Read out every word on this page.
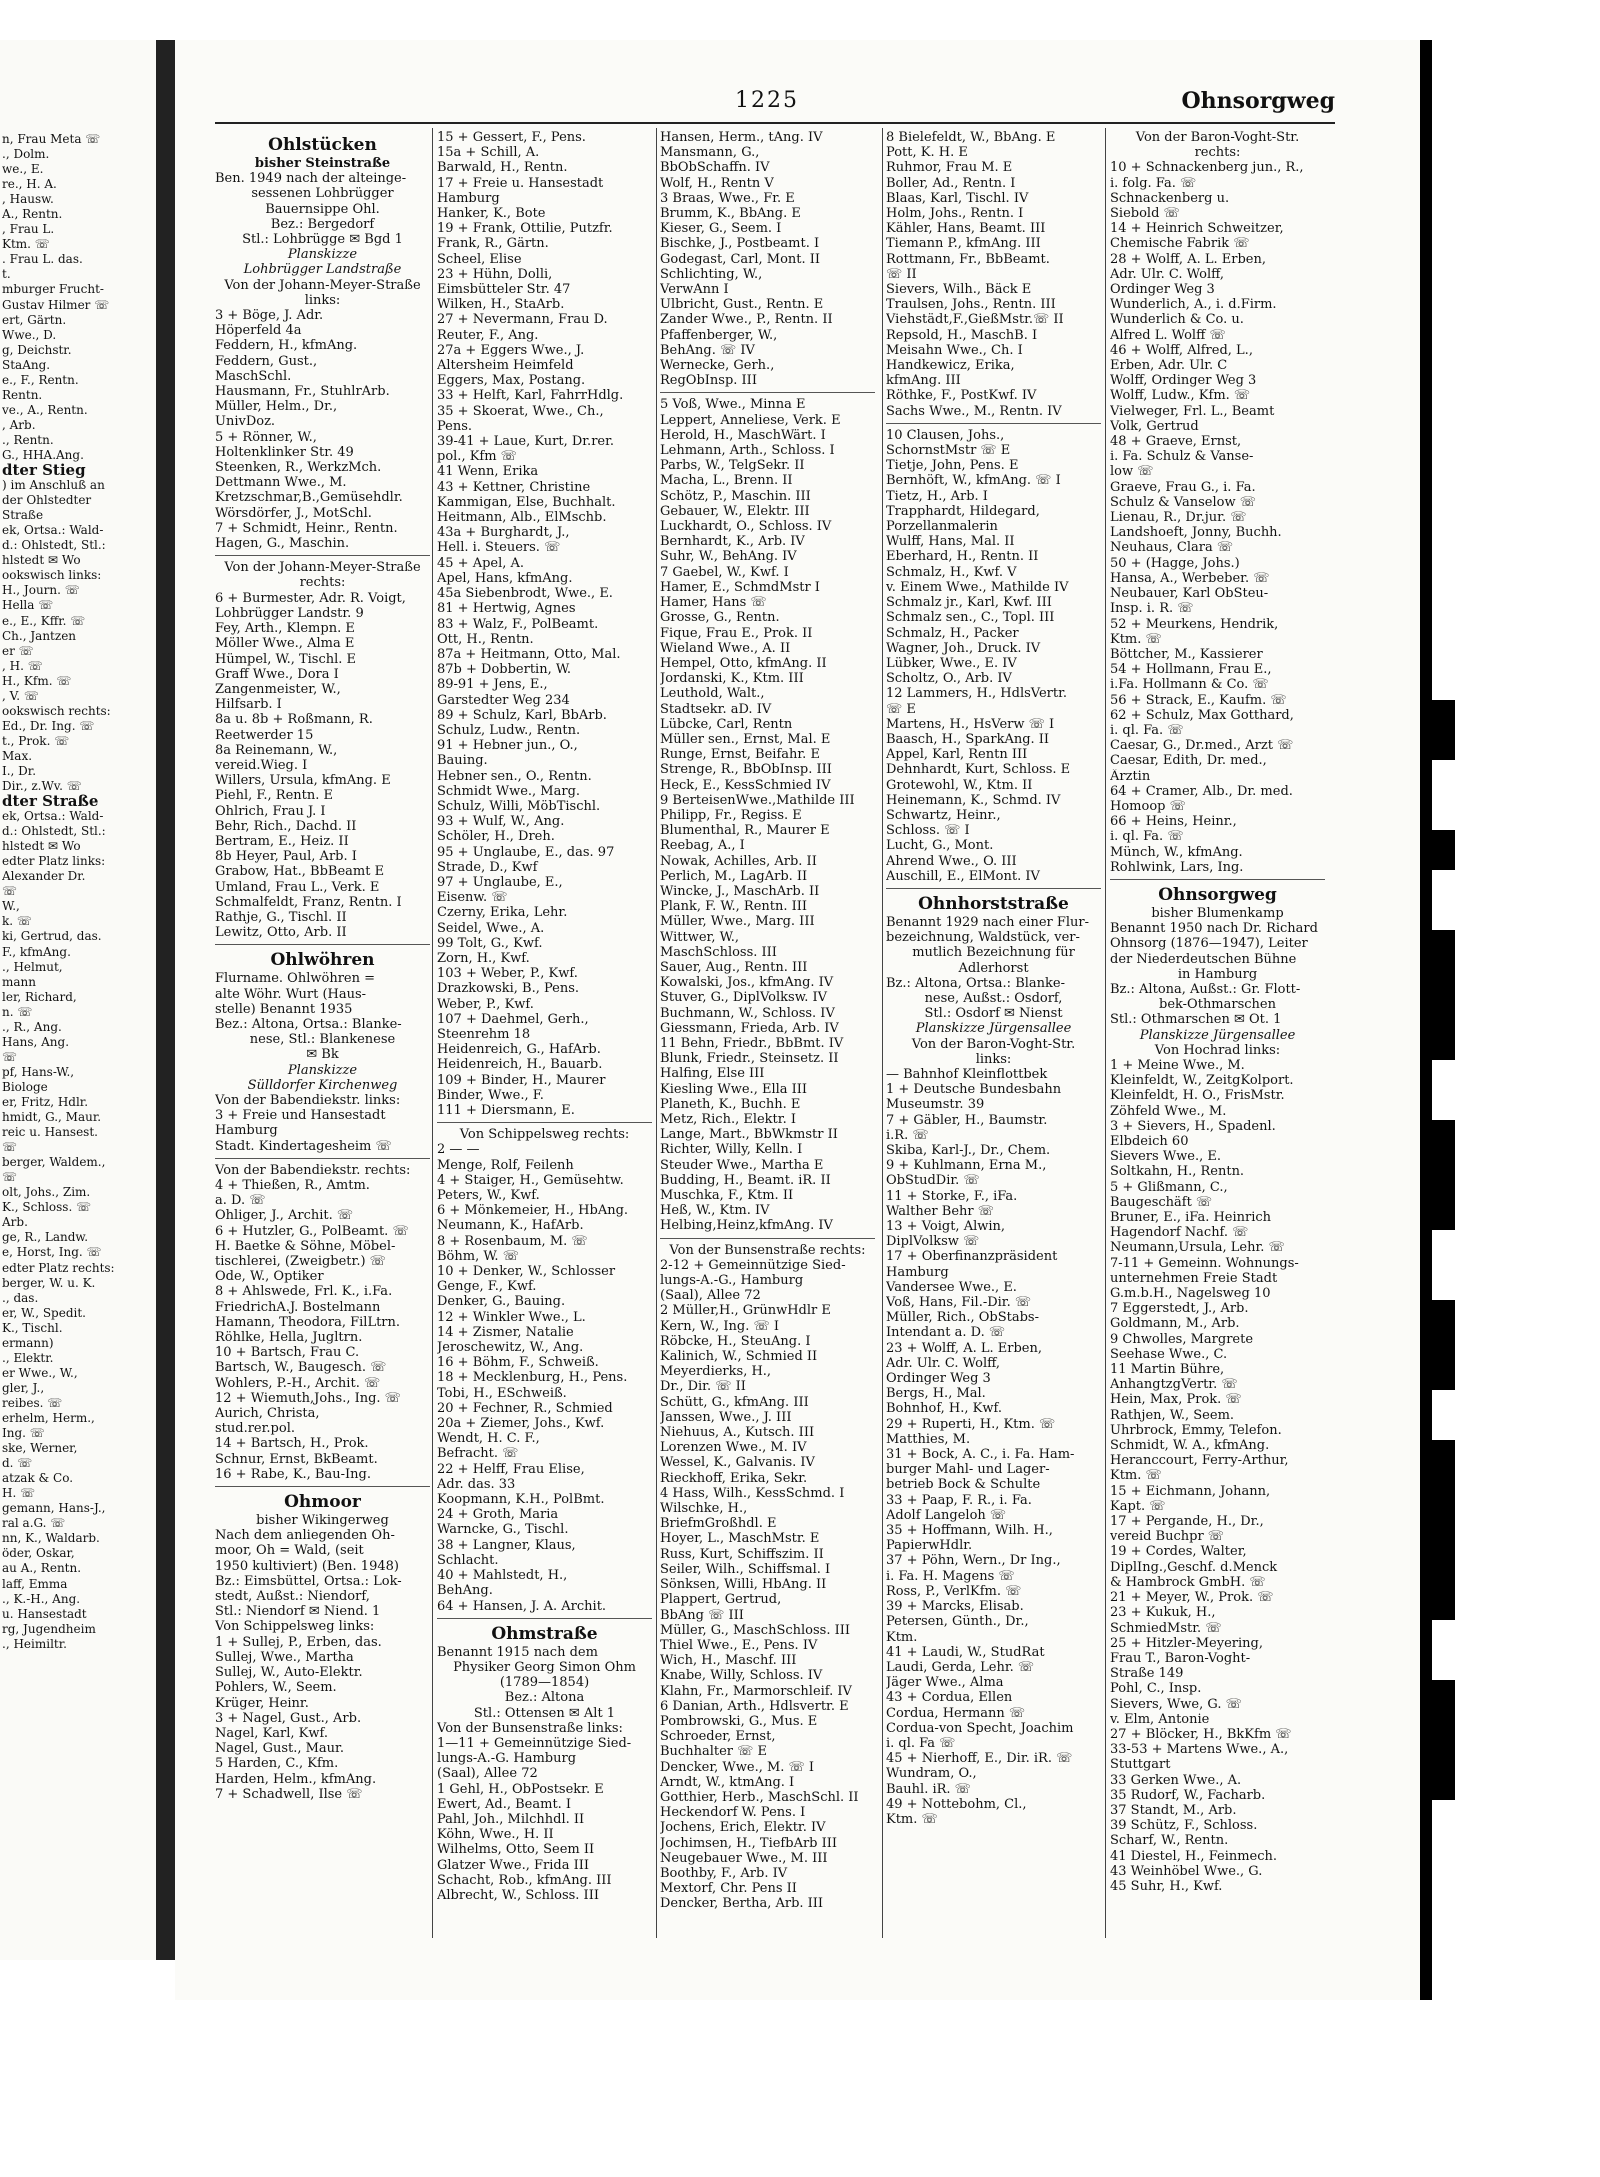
n, Frau Meta ☏
., Dolm.
we., E.
re., H. A.
, Hausw.
A., Rentn.
, Frau L.
Ktm. ☏
. Frau L. das.
t.
mburger Frucht-
Gustav Hilmer ☏
ert, Gärtn.
Wwe., D.
g, Deichstr.
StaAng.
e., F., Rentn.
Rentn.
ve., A., Rentn.
, Arb.
., Rentn.
G., HHA.Ang.
dter Stieg
) im Anschluß an
der Ohlstedter
Straße
ek, Ortsa.: Wald-
d.: Ohlstedt, Stl.:
hlstedt ✉ Wo
ookswisch links:
H., Journ. ☏
Hella ☏
e., E., Kffr. ☏
Ch., Jantzen
er ☏
, H. ☏
H., Kfm. ☏
, V. ☏
ookswisch rechts:
Ed., Dr. Ing. ☏
t., Prok. ☏
Max.
I., Dr.
Dir., z.Wv. ☏
dter Straße
ek, Ortsa.: Wald-
d.: Ohlstedt, Stl.:
hlstedt ✉ Wo
edter Platz links:
Alexander Dr.
☏
W.,
k. ☏
ki, Gertrud, das.
F., kfmAng.
., Helmut,
mann
ler, Richard,
n. ☏
., R., Ang.
Hans, Ang.
☏
pf, Hans-W.,
Biologe
er, Fritz, Hdlr.
hmidt, G., Maur.
reic u. Hansest.
☏
berger, Waldem.,
☏
olt, Johs., Zim.
K., Schloss. ☏
Arb.
ge, R., Landw.
e, Horst, Ing. ☏
edter Platz rechts:
berger, W. u. K.
., das.
er, W., Spedit.
K., Tischl.
ermann)
., Elektr.
er Wwe., W.,
gler, J.,
reibes. ☏
erhelm, Herm.,
Ing. ☏
ske, Werner,
d. ☏
atzak & Co.
H. ☏
gemann, Hans-J.,
ral a.G. ☏
nn, K., Waldarb.
öder, Oskar,
au A., Rentn.
laff, Emma
., K.-H., Ang.
u. Hansestadt
rg, Jugendheim
., Heimiltr.
1225	Ohnsorgweg
Ohlstücken
bisher Steinstraße
Ben. 1949 nach der alteinge-
sessenen Lohbrügger
Bauernsippe Ohl.
Bez.: Bergedorf
Stl.: Lohbrügge ✉ Bgd 1
Planskizze
Lohbrügger Landstraße
Von der Johann-Meyer-Straße
links:
3 + Böge, J. Adr.
Höperfeld 4a
Feddern, H., kfmAng.
Feddern, Gust.,
MaschSchl.
Hausmann, Fr., StuhlrArb.
Müller, Helm., Dr.,
UnivDoz.
5 + Rönner, W.,
Holtenklinker Str. 49
Steenken, R., WerkzMch.
Dettmann Wwe., M.
Kretzschmar,B.,Gemüsehdlr.
Wörsdörfer, J., MotSchl.
7 + Schmidt, Heinr., Rentn.
Hagen, G., Maschin.
Von der Johann-Meyer-Straße
rechts:
6 + Burmester, Adr. R. Voigt,
Lohbrügger Landstr. 9
Fey, Arth., Klempn. E
Möller Wwe., Alma E
Hümpel, W., Tischl. E
Graff Wwe., Dora I
Zangenmeister, W.,
Hilfsarb. I
8a u. 8b + Roßmann, R.
Reetwerder 15
8a Reinemann, W.,
vereid.Wieg. I
Willers, Ursula, kfmAng. E
Piehl, F., Rentn. E
Ohlrich, Frau J. I
Behr, Rich., Dachd. II
Bertram, E., Heiz. II
8b Heyer, Paul, Arb. I
Grabow, Hat., BbBeamt E
Umland, Frau L., Verk. E
Schmalfeldt, Franz, Rentn. I
Rathje, G., Tischl. II
Lewitz, Otto, Arb. II
Ohlwöhren
Flurname. Ohlwöhren =
alte Wöhr. Wurt (Haus-
stelle) Benannt 1935
Bez.: Altona, Ortsa.: Blanke-
nese, Stl.: Blankenese
✉ Bk
Planskizze
Sülldorfer Kirchenweg
Von der Babendiekstr. links:
3 + Freie und Hansestadt
Hamburg
Stadt. Kindertagesheim ☏
Von der Babendiekstr. rechts:
4 + Thießen, R., Amtm.
a. D. ☏
Ohliger, J., Archit. ☏
6 + Hutzler, G., PolBeamt. ☏
H. Baetke & Söhne, Möbel-
tischlerei, (Zweigbetr.) ☏
Ode, W., Optiker
8 + Ahlswede, Frl. K., i.Fa.
FriedrichA.J. Bostelmann
Hamann, Theodora, FilLtrn.
Röhlke, Hella, Jugltrn.
10 + Bartsch, Frau C.
Bartsch, W., Baugesch. ☏
Wohlers, P.-H., Archit. ☏
12 + Wiemuth,Johs., Ing. ☏
Aurich, Christa,
stud.rer.pol.
14 + Bartsch, H., Prok.
Schnur, Ernst, BkBeamt.
16 + Rabe, K., Bau-Ing.
Ohmoor
bisher Wikingerweg
Nach dem anliegenden Oh-
moor, Oh = Wald, (seit
1950 kultiviert) (Ben. 1948)
Bz.: Eimsbüttel, Ortsa.: Lok-
stedt, Außst.: Niendorf,
Stl.: Niendorf ✉ Niend. 1
Von Schippelsweg links:
1 + Sullej, P., Erben, das.
Sullej, Wwe., Martha
Sullej, W., Auto-Elektr.
Pohlers, W., Seem.
Krüger, Heinr.
3 + Nagel, Gust., Arb.
Nagel, Karl, Kwf.
Nagel, Gust., Maur.
5 Harden, C., Kfm.
Harden, Helm., kfmAng.
7 + Schadwell, Ilse ☏
15 + Gessert, F., Pens.
15a + Schill, A.
Barwald, H., Rentn.
17 + Freie u. Hansestadt
Hamburg
Hanker, K., Bote
19 + Frank, Ottilie, Putzfr.
Frank, R., Gärtn.
Scheel, Elise
23 + Hühn, Dolli,
Eimsbütteler Str. 47
Wilken, H., StaArb.
27 + Nevermann, Frau D.
Reuter, F., Ang.
27a + Eggers Wwe., J.
Altersheim Heimfeld
Eggers, Max, Postang.
33 + Helft, Karl, FahrrHdlg.
35 + Skoerat, Wwe., Ch.,
Pens.
39-41 + Laue, Kurt, Dr.rer.
pol., Kfm ☏
41 Wenn, Erika
43 + Kettner, Christine
Kammigan, Else, Buchhalt.
Heitmann, Alb., ElMschb.
43a + Burghardt, J.,
Hell. i. Steuers. ☏
45 + Apel, A.
Apel, Hans, kfmAng.
45a Siebenbrodt, Wwe., E.
81 + Hertwig, Agnes
83 + Walz, F., PolBeamt.
Ott, H., Rentn.
87a + Heitmann, Otto, Mal.
87b + Dobbertin, W.
89-91 + Jens, E.,
Garstedter Weg 234
89 + Schulz, Karl, BbArb.
Schulz, Ludw., Rentn.
91 + Hebner jun., O.,
Bauing.
Hebner sen., O., Rentn.
Schmidt Wwe., Marg.
Schulz, Willi, MöbTischl.
93 + Wulf, W., Ang.
Schöler, H., Dreh.
95 + Unglaube, E., das. 97
Strade, D., Kwf
97 + Unglaube, E.,
Eisenw. ☏
Czerny, Erika, Lehr.
Seidel, Wwe., A.
99 Tolt, G., Kwf.
Zorn, H., Kwf.
103 + Weber, P., Kwf.
Drazkowski, B., Pens.
Weber, P., Kwf.
107 + Daehmel, Gerh.,
Steenrehm 18
Heidenreich, G., HafArb.
Heidenreich, H., Bauarb.
109 + Binder, H., Maurer
Binder, Wwe., F.
111 + Diersmann, E.
Von Schippelsweg rechts:
2 — —
Menge, Rolf, Feilenh
4 + Staiger, H., Gemüsehtw.
Peters, W., Kwf.
6 + Mönkemeier, H., HbAng.
Neumann, K., HafArb.
8 + Rosenbaum, M. ☏
Böhm, W. ☏
10 + Denker, W., Schlosser
Genge, F., Kwf.
Denker, G., Bauing.
12 + Winkler Wwe., L.
14 + Zismer, Natalie
Jeroschewitz, W., Ang.
16 + Böhm, F., Schweiß.
18 + Mecklenburg, H., Pens.
Tobi, H., ESchweiß.
20 + Fechner, R., Schmied
20a + Ziemer, Johs., Kwf.
Wendt, H. C. F.,
Befracht. ☏
22 + Helff, Frau Elise,
Adr. das. 33
Koopmann, K.H., PolBmt.
24 + Groth, Maria
Warncke, G., Tischl.
38 + Langner, Klaus,
Schlacht.
40 + Mahlstedt, H.,
BehAng.
64 + Hansen, J. A. Archit.
Ohmstraße
Benannt 1915 nach dem
Physiker Georg Simon Ohm
(1789—1854)
Bez.: Altona
Stl.: Ottensen ✉ Alt 1
Von der Bunsenstraße links:
1—11 + Gemeinnützige Sied-
lungs-A.-G. Hamburg
(Saal), Allee 72
1 Gehl, H., ObPostsekr. E
Ewert, Ad., Beamt. I
Pahl, Joh., Milchhdl. II
Köhn, Wwe., H. II
Wilhelms, Otto, Seem II
Glatzer Wwe., Frida III
Schacht, Rob., kfmAng. III
Albrecht, W., Schloss. III
Hansen, Herm., tAng. IV
Mansmann, G.,
BbObSchaffn. IV
Wolf, H., Rentn V
3 Braas, Wwe., Fr. E
Brumm, K., BbAng. E
Kieser, G., Seem. I
Bischke, J., Postbeamt. I
Godegast, Carl, Mont. II
Schlichting, W.,
VerwAnn I
Ulbricht, Gust., Rentn. E
Zander Wwe., P., Rentn. II
Pfaffenberger, W.,
BehAng. ☏ IV
Wernecke, Gerh.,
RegObInsp. III
5 Voß, Wwe., Minna E
Leppert, Anneliese, Verk. E
Herold, H., MaschWärt. I
Lehmann, Arth., Schloss. I
Parbs, W., TelgSekr. II
Macha, L., Brenn. II
Schötz, P., Maschin. III
Gebauer, W., Elektr. III
Luckhardt, O., Schloss. IV
Bernhardt, K., Arb. IV
Suhr, W., BehAng. IV
7 Gaebel, W., Kwf. I
Hamer, E., SchmdMstr I
Hamer, Hans ☏
Grosse, G., Rentn.
Fique, Frau E., Prok. II
Wieland Wwe., A. II
Hempel, Otto, kfmAng. II
Jordanski, K., Ktm. III
Leuthold, Walt.,
Stadtsekr. aD. IV
Lübcke, Carl, Rentn
Müller sen., Ernst, Mal. E
Runge, Ernst, Beifahr. E
Strenge, R., BbObInsp. III
Heck, E., KessSchmied IV
9 BerteisenWwe.,Mathilde III
Philipp, Fr., Regiss. E
Blumenthal, R., Maurer E
Reebag, A., I
Nowak, Achilles, Arb. II
Perlich, M., LagArb. II
Wincke, J., MaschArb. II
Plank, F. W., Rentn. III
Müller, Wwe., Marg. III
Wittwer, W.,
MaschSchloss. III
Sauer, Aug., Rentn. III
Kowalski, Jos., kfmAng. IV
Stuver, G., DiplVolksw. IV
Buchmann, W., Schloss. IV
Giessmann, Frieda, Arb. IV
11 Behn, Friedr., BbBmt. IV
Blunk, Friedr., Steinsetz. II
Halfing, Else III
Kiesling Wwe., Ella III
Planeth, K., Buchh. E
Metz, Rich., Elektr. I
Lange, Mart., BbWkmstr II
Richter, Willy, Kelln. I
Steuder Wwe., Martha E
Budding, H., Beamt. iR. II
Muschka, F., Ktm. II
Heß, W., Ktm. IV
Helbing,Heinz,kfmAng. IV
Von der Bunsenstraße rechts:
2-12 + Gemeinnützige Sied-
lungs-A.-G., Hamburg
(Saal), Allee 72
2 Müller,H., GrünwHdlr E
Kern, W., Ing. ☏ I
Röbcke, H., SteuAng. I
Kalinich, W., Schmied II
Meyerdierks, H.,
Dr., Dir. ☏ II
Schütt, G., kfmAng. III
Janssen, Wwe., J. III
Niehuus, A., Kutsch. III
Lorenzen Wwe., M. IV
Wessel, K., Galvanis. IV
Rieckhoff, Erika, Sekr.
4 Hass, Wilh., KessSchmd. I
Wilschke, H.,
BriefmGroßhdl. E
Hoyer, L., MaschMstr. E
Russ, Kurt, Schiffszim. II
Seiler, Wilh., Schiffsmal. I
Sönksen, Willi, HbAng. II
Plappert, Gertrud,
BbAng ☏ III
Müller, G., MaschSchloss. III
Thiel Wwe., E., Pens. IV
Wich, H., Maschf. III
Knabe, Willy, Schloss. IV
Klahn, Fr., Marmorschleif. IV
6 Danian, Arth., Hdlsvertr. E
Pombrowski, G., Mus. E
Schroeder, Ernst,
Buchhalter ☏ E
Dencker, Wwe., M. ☏ I
Arndt, W., ktmAng. I
Gotthier, Herb., MaschSchl. II
Heckendorf W. Pens. I
Jochens, Erich, Elektr. IV
Jochimsen, H., TiefbArb III
Neugebauer Wwe., M. III
Boothby, F., Arb. IV
Mextorf, Chr. Pens II
Dencker, Bertha, Arb. III
8 Bielefeldt, W., BbAng. E
Pott, K. H. E
Ruhmor, Frau M. E
Boller, Ad., Rentn. I
Blaas, Karl, Tischl. IV
Holm, Johs., Rentn. I
Kähler, Hans, Beamt. III
Tiemann P., kfmAng. III
Rottmann, Fr., BbBeamt.
☏ II
Sievers, Wilh., Bäck E
Traulsen, Johs., Rentn. III
Viehstädt,F.,GießMstr.☏ II
Repsold, H., MaschB. I
Meisahn Wwe., Ch. I
Handkewicz, Erika,
kfmAng. III
Röthke, F., PostKwf. IV
Sachs Wwe., M., Rentn. IV
10 Clausen, Johs.,
SchornstMstr ☏ E
Tietje, John, Pens. E
Bernhöft, W., kfmAng. ☏ I
Tietz, H., Arb. I
Trapphardt, Hildegard,
Porzellanmalerin
Wulff, Hans, Mal. II
Eberhard, H., Rentn. II
Schmalz, H., Kwf. V
v. Einem Wwe., Mathilde IV
Schmalz jr., Karl, Kwf. III
Schmalz sen., C., Topl. III
Schmalz, H., Packer
Wagner, Joh., Druck. IV
Lübker, Wwe., E. IV
Scholtz, O., Arb. IV
12 Lammers, H., HdlsVertr.
☏ E
Martens, H., HsVerw ☏ I
Baasch, H., SparkAng. II
Appel, Karl, Rentn III
Dehnhardt, Kurt, Schloss. E
Grotewohl, W., Ktm. II
Heinemann, K., Schmd. IV
Schwartz, Heinr.,
Schloss. ☏ I
Lucht, G., Mont.
Ahrend Wwe., O. III
Auschill, E., ElMont. IV
Ohnhorststraße
Benannt 1929 nach einer Flur-
bezeichnung, Waldstück, ver-
mutlich Bezeichnung für
Adlerhorst
Bz.: Altona, Ortsa.: Blanke-
nese, Außst.: Osdorf,
Stl.: Osdorf ✉ Nienst
Planskizze Jürgensallee
Von der Baron-Voght-Str.
links:
— Bahnhof Kleinflottbek
1 + Deutsche Bundesbahn
Museumstr. 39
7 + Gäbler, H., Baumstr.
i.R. ☏
Skiba, Karl-J., Dr., Chem.
9 + Kuhlmann, Erna M.,
ObStudDir. ☏
11 + Storke, F., iFa.
Walther Behr ☏
13 + Voigt, Alwin,
DiplVolksw ☏
17 + Oberfinanzpräsident
Hamburg
Vandersee Wwe., E.
Voß, Hans, Fil.-Dir. ☏
Müller, Rich., ObStabs-
Intendant a. D. ☏
23 + Wolff, A. L. Erben,
Adr. Ulr. C. Wolff,
Ordinger Weg 3
Bergs, H., Mal.
Bohnhof, H., Kwf.
29 + Ruperti, H., Ktm. ☏
Matthies, M.
31 + Bock, A. C., i. Fa. Ham-
burger Mahl- und Lager-
betrieb Bock & Schulte
33 + Paap, F. R., i. Fa.
Adolf Langeloh ☏
35 + Hoffmann, Wilh. H.,
PapierwHdlr.
37 + Pöhn, Wern., Dr Ing.,
i. Fa. H. Magens ☏
Ross, P., VerlKfm. ☏
39 + Marcks, Elisab.
Petersen, Günth., Dr.,
Ktm.
41 + Laudi, W., StudRat
Laudi, Gerda, Lehr. ☏
Jäger Wwe., Alma
43 + Cordua, Ellen
Cordua, Hermann ☏
Cordua-von Specht, Joachim
i. ql. Fa ☏
45 + Nierhoff, E., Dir. iR. ☏
Wundram, O.,
Bauhl. iR. ☏
49 + Nottebohm, Cl.,
Ktm. ☏
Von der Baron-Voght-Str.
rechts:
10 + Schnackenberg jun., R.,
i. folg. Fa. ☏
Schnackenberg u.
Siebold ☏
14 + Heinrich Schweitzer,
Chemische Fabrik ☏
28 + Wolff, A. L. Erben,
Adr. Ulr. C. Wolff,
Ordinger Weg 3
Wunderlich, A., i. d.Firm.
Wunderlich & Co. u.
Alfred L. Wolff ☏
46 + Wolff, Alfred, L.,
Erben, Adr. Ulr. C
Wolff, Ordinger Weg 3
Wolff, Ludw., Kfm. ☏
Vielweger, Frl. L., Beamt
Volk, Gertrud
48 + Graeve, Ernst,
i. Fa. Schulz & Vanse-
low ☏
Graeve, Frau G., i. Fa.
Schulz & Vanselow ☏
Lienau, R., Dr.jur. ☏
Landshoeft, Jonny, Buchh.
Neuhaus, Clara ☏
50 + (Hagge, Johs.)
Hansa, A., Werbeber. ☏
Neubauer, Karl ObSteu-
Insp. i. R. ☏
52 + Meurkens, Hendrik,
Ktm. ☏
Böttcher, M., Kassierer
54 + Hollmann, Frau E.,
i.Fa. Hollmann & Co. ☏
56 + Strack, E., Kaufm. ☏
62 + Schulz, Max Gotthard,
i. ql. Fa. ☏
Caesar, G., Dr.med., Arzt ☏
Caesar, Edith, Dr. med.,
Ärztin
64 + Cramer, Alb., Dr. med.
Homoop ☏
66 + Heins, Heinr.,
i. ql. Fa. ☏
Münch, W., kfmAng.
Rohlwink, Lars, Ing.
Ohnsorgweg
bisher Blumenkamp
Benannt 1950 nach Dr. Richard
Ohnsorg (1876—1947), Leiter
der Niederdeutschen Bühne
in Hamburg
Bz.: Altona, Außst.: Gr. Flott-
bek-Othmarschen
Stl.: Othmarschen ✉ Ot. 1
Planskizze Jürgensallee
Von Hochrad links:
1 + Meine Wwe., M.
Kleinfeldt, W., ZeitgKolport.
Kleinfeldt, H. O., FrisMstr.
Zöhfeld Wwe., M.
3 + Sievers, H., Spadenl.
Elbdeich 60
Sievers Wwe., E.
Soltkahn, H., Rentn.
5 + Glißmann, C.,
Baugeschäft ☏
Bruner, E., iFa. Heinrich
Hagendorf Nachf. ☏
Neumann,Ursula, Lehr. ☏
7-11 + Gemeinn. Wohnungs-
unternehmen Freie Stadt
G.m.b.H., Nagelsweg 10
7 Eggerstedt, J., Arb.
Goldmann, M., Arb.
9 Chwolles, Margrete
Seehase Wwe., C.
11 Martin Bühre,
AnhangtzgVertr. ☏
Hein, Max, Prok. ☏
Rathjen, W., Seem.
Uhrbrock, Emmy, Telefon.
Schmidt, W. A., kfmAng.
Heranccourt, Ferry-Arthur,
Ktm. ☏
15 + Eichmann, Johann,
Kapt. ☏
17 + Pergande, H., Dr.,
vereid Buchpr ☏
19 + Cordes, Walter,
DiplIng.,Geschf. d.Menck
& Hambrock GmbH. ☏
21 + Meyer, W., Prok. ☏
23 + Kukuk, H.,
SchmiedMstr. ☏
25 + Hitzler-Meyering,
Frau T., Baron-Voght-
Straße 149
Pohl, C., Insp.
Sievers, Wwe, G. ☏
v. Elm, Antonie
27 + Blöcker, H., BkKfm ☏
33-53 + Martens Wwe., A.,
Stuttgart
33 Gerken Wwe., A.
35 Rudorf, W., Facharb.
37 Standt, M., Arb.
39 Schütz, F., Schloss.
Scharf, W., Rentn.
41 Diestel, H., Feinmech.
43 Weinhöbel Wwe., G.
45 Suhr, H., Kwf.
